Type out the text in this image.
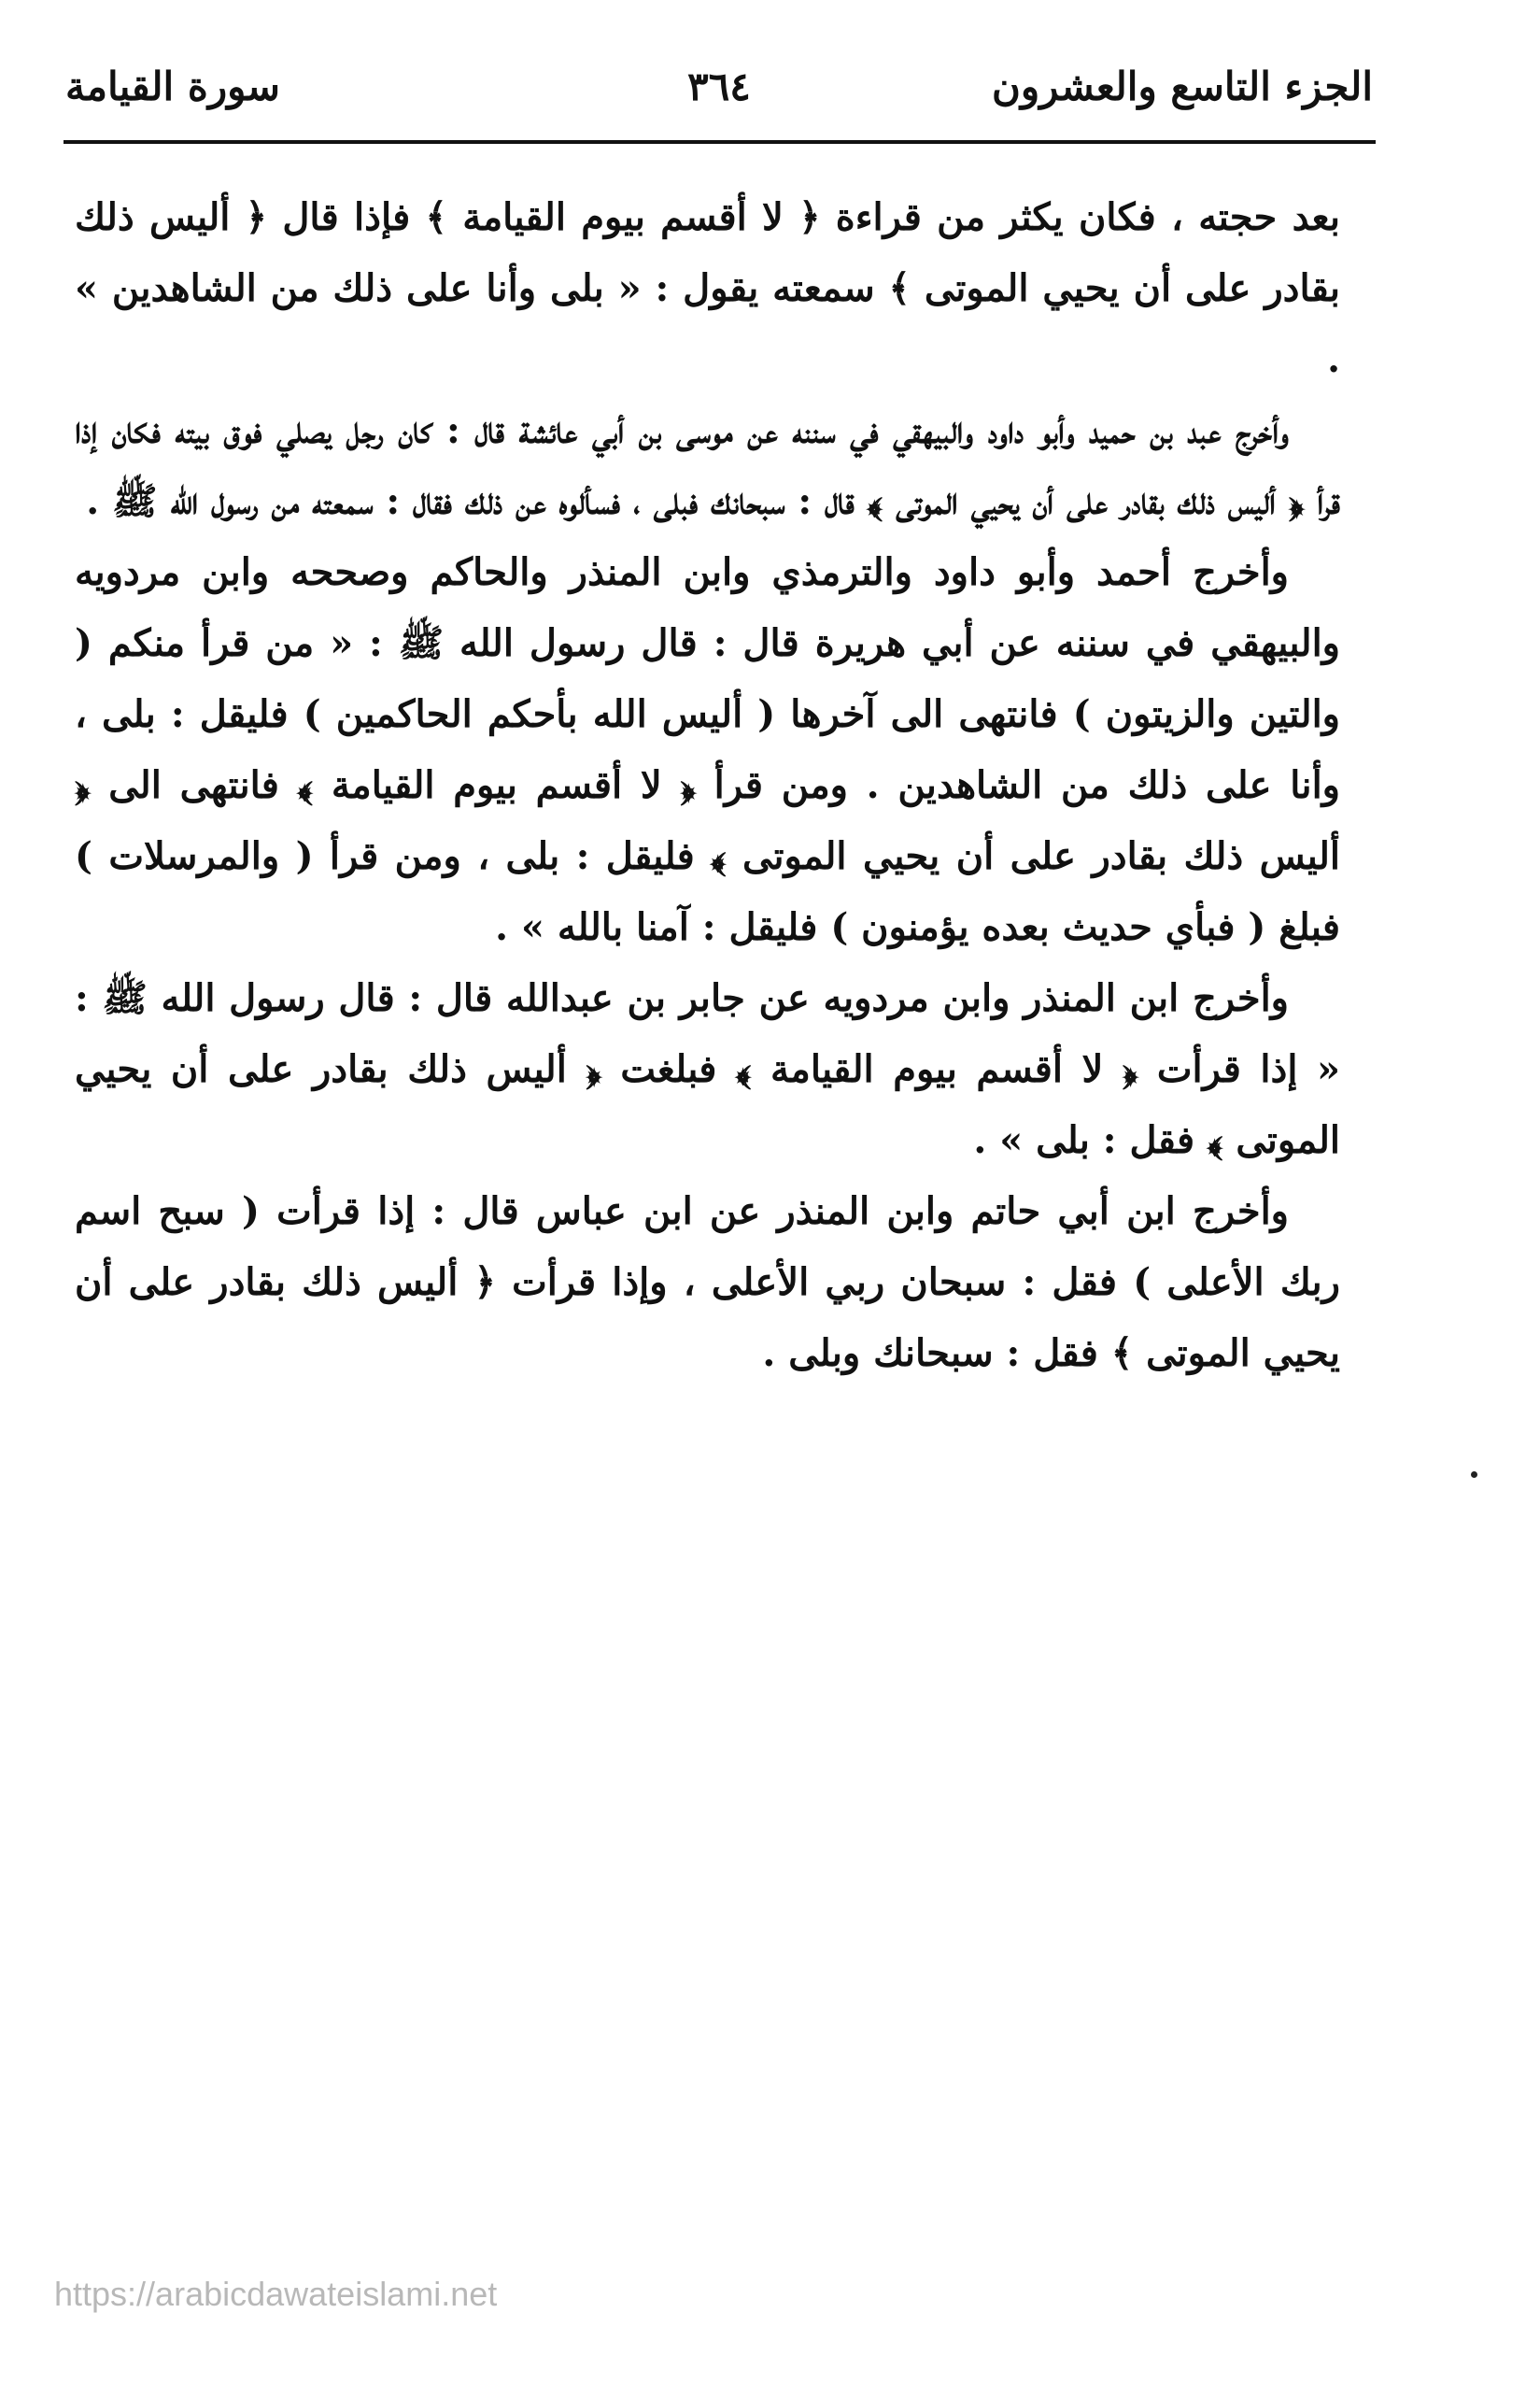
الجزء التاسع والعشرون
٣٦٤
سورة القيامة

بعد حجته ، فكان يكثر من قراءة ﴿ لا أقسم بيوم القيامة ﴾ فإذا قال ﴿ أليس ذلك بقادر على أن يحيي الموتى ﴾ سمعته يقول : « بلى وأنا على ذلك من الشاهدين » .

وأخرج عبد بن حميد وأبو داود والبيهقي في سننه عن موسى بن أبي عائشة قال : كان رجل يصلي فوق بيته فكان إذا قرأ ﴿ أليس ذلك بقادر على أن يحيي الموتى ﴾ قال : سبحانك فبلى ، فسألوه عن ذلك فقال : سمعته من رسول الله ﷺ .

وأخرج أحمد وأبو داود والترمذي وابن المنذر والحاكم وصححه وابن مردويه والبيهقي في سننه عن أبي هريرة قال : قال رسول الله ﷺ : « من قرأ منكم ( والتين والزيتون ) فانتهى الى آخرها ( أليس الله بأحكم الحاكمين ) فليقل : بلى ، وأنا على ذلك من الشاهدين . ومن قرأ ﴿ لا أقسم بيوم القيامة ﴾ فانتهى الى ﴿ أليس ذلك بقادر على أن يحيي الموتى ﴾ فليقل : بلى ، ومن قرأ ( والمرسلات ) فبلغ ( فبأي حديث بعده يؤمنون ) فليقل : آمنا بالله » .

وأخرج ابن المنذر وابن مردويه عن جابر بن عبدالله قال : قال رسول الله ﷺ : « إذا قرأت ﴿ لا أقسم بيوم القيامة ﴾ فبلغت ﴿ أليس ذلك بقادر على أن يحيي الموتى ﴾ فقل : بلى » .

وأخرج ابن أبي حاتم وابن المنذر عن ابن عباس قال : إذا قرأت ( سبح اسم ربك الأعلى ) فقل : سبحان ربي الأعلى ، وإذا قرأت ﴿ أليس ذلك بقادر على أن يحيي الموتى ﴾ فقل : سبحانك وبلى .

https://arabicdawateislami.net
